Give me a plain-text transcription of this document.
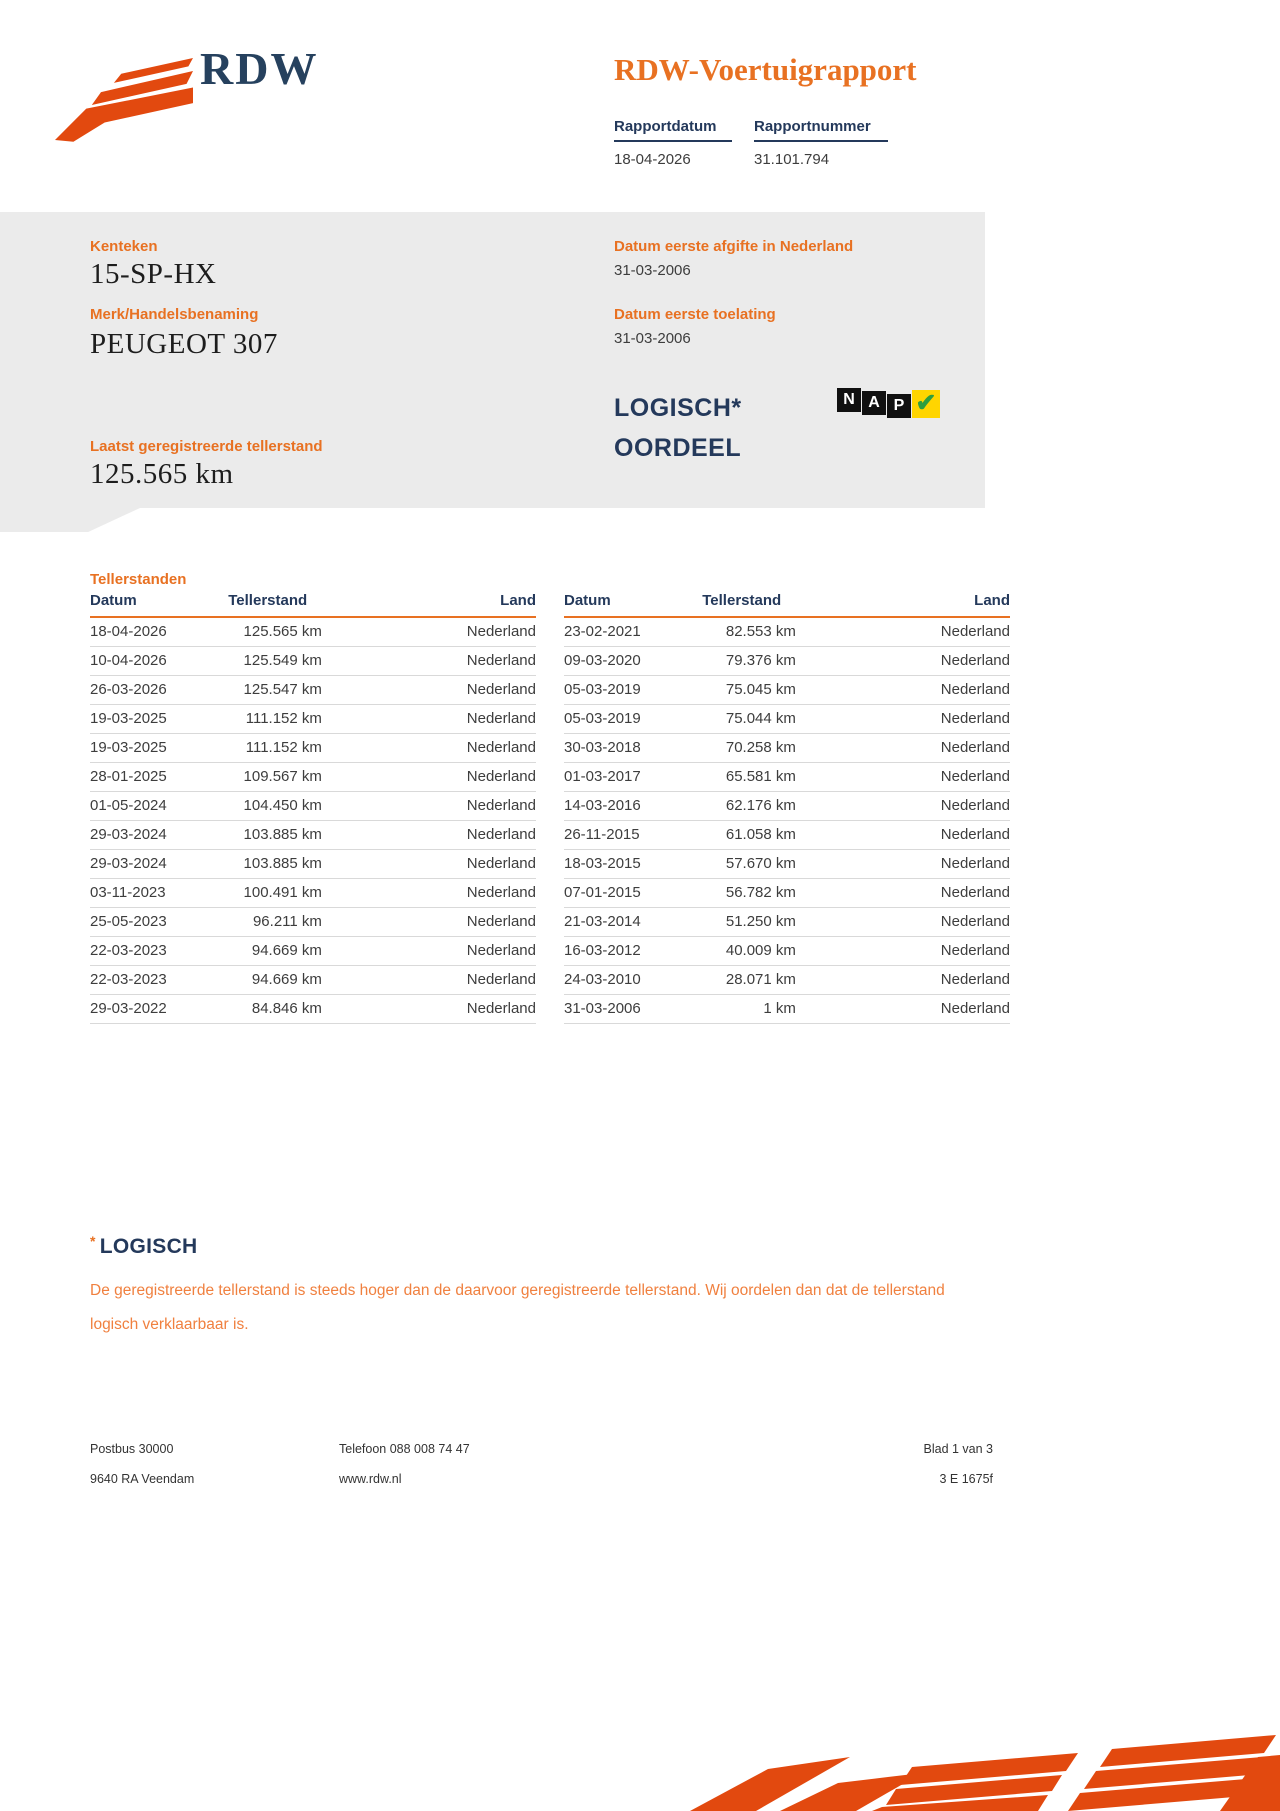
RDW	RDW-Voertuigrapport
Rapportdatum
18-04-2026
Rapportnummer
31.101.794
Kenteken
15-SP-HX
Merk/Handelsbenaming
PEUGEOT 307
Datum eerste afgifte in Nederland
31-03-2006
Datum eerste toelating
31-03-2006
LOGISCH*
OORDEEL
N A P ✔
Laatst geregistreerde tellerstand
125.565 km
Tellerstanden
Datum	Tellerstand	Land
18-04-2026	125.565 km	Nederland
10-04-2026	125.549 km	Nederland
26-03-2026	125.547 km	Nederland
19-03-2025	111.152 km	Nederland
19-03-2025	111.152 km	Nederland
28-01-2025	109.567 km	Nederland
01-05-2024	104.450 km	Nederland
29-03-2024	103.885 km	Nederland
29-03-2024	103.885 km	Nederland
03-11-2023	100.491 km	Nederland
25-05-2023	96.211 km	Nederland
22-03-2023	94.669 km	Nederland
22-03-2023	94.669 km	Nederland
29-03-2022	84.846 km	Nederland
Datum	Tellerstand	Land
23-02-2021	82.553 km	Nederland
09-03-2020	79.376 km	Nederland
05-03-2019	75.045 km	Nederland
05-03-2019	75.044 km	Nederland
30-03-2018	70.258 km	Nederland
01-03-2017	65.581 km	Nederland
14-03-2016	62.176 km	Nederland
26-11-2015	61.058 km	Nederland
18-03-2015	57.670 km	Nederland
07-01-2015	56.782 km	Nederland
21-03-2014	51.250 km	Nederland
16-03-2012	40.009 km	Nederland
24-03-2010	28.071 km	Nederland
31-03-2006	1 km	Nederland
* LOGISCH

De geregistreerde tellerstand is steeds hoger dan de daarvoor geregistreerde tellerstand. Wij oordelen dan dat de tellerstand logisch verklaarbaar is.

Postbus 30000
9640 RA Veendam
Telefoon 088 008 74 47
www.rdw.nl
Blad 1 van 3
3 E 1675f
